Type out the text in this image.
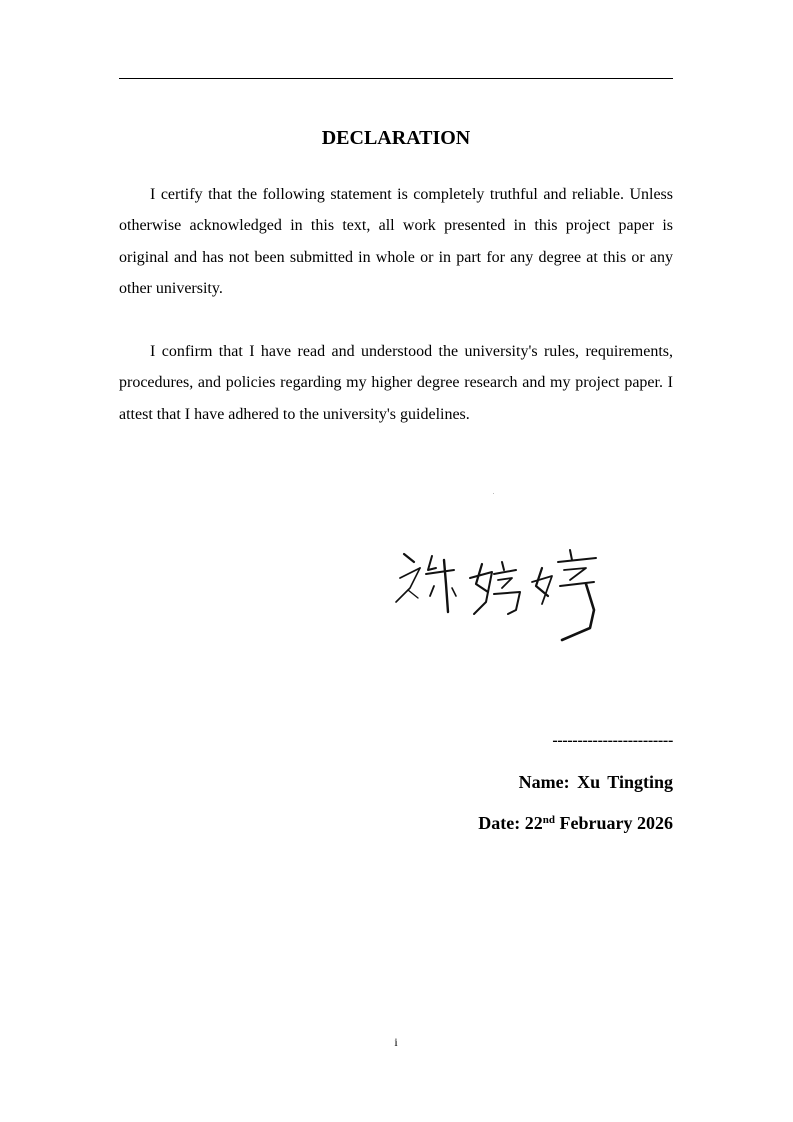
DECLARATION

I certify that the following statement is completely truthful and reliable. Unless otherwise acknowledged in this text, all work presented in this project paper is original and has not been submitted in whole or in part for any degree at this or any other university.

I confirm that I have read and understood the university's rules, requirements, procedures, and policies regarding my higher degree research and my project paper. I attest that I have adhered to the university's guidelines.

------------------------
Name: Xu Tingting
Date: 22nd February 2026
i
